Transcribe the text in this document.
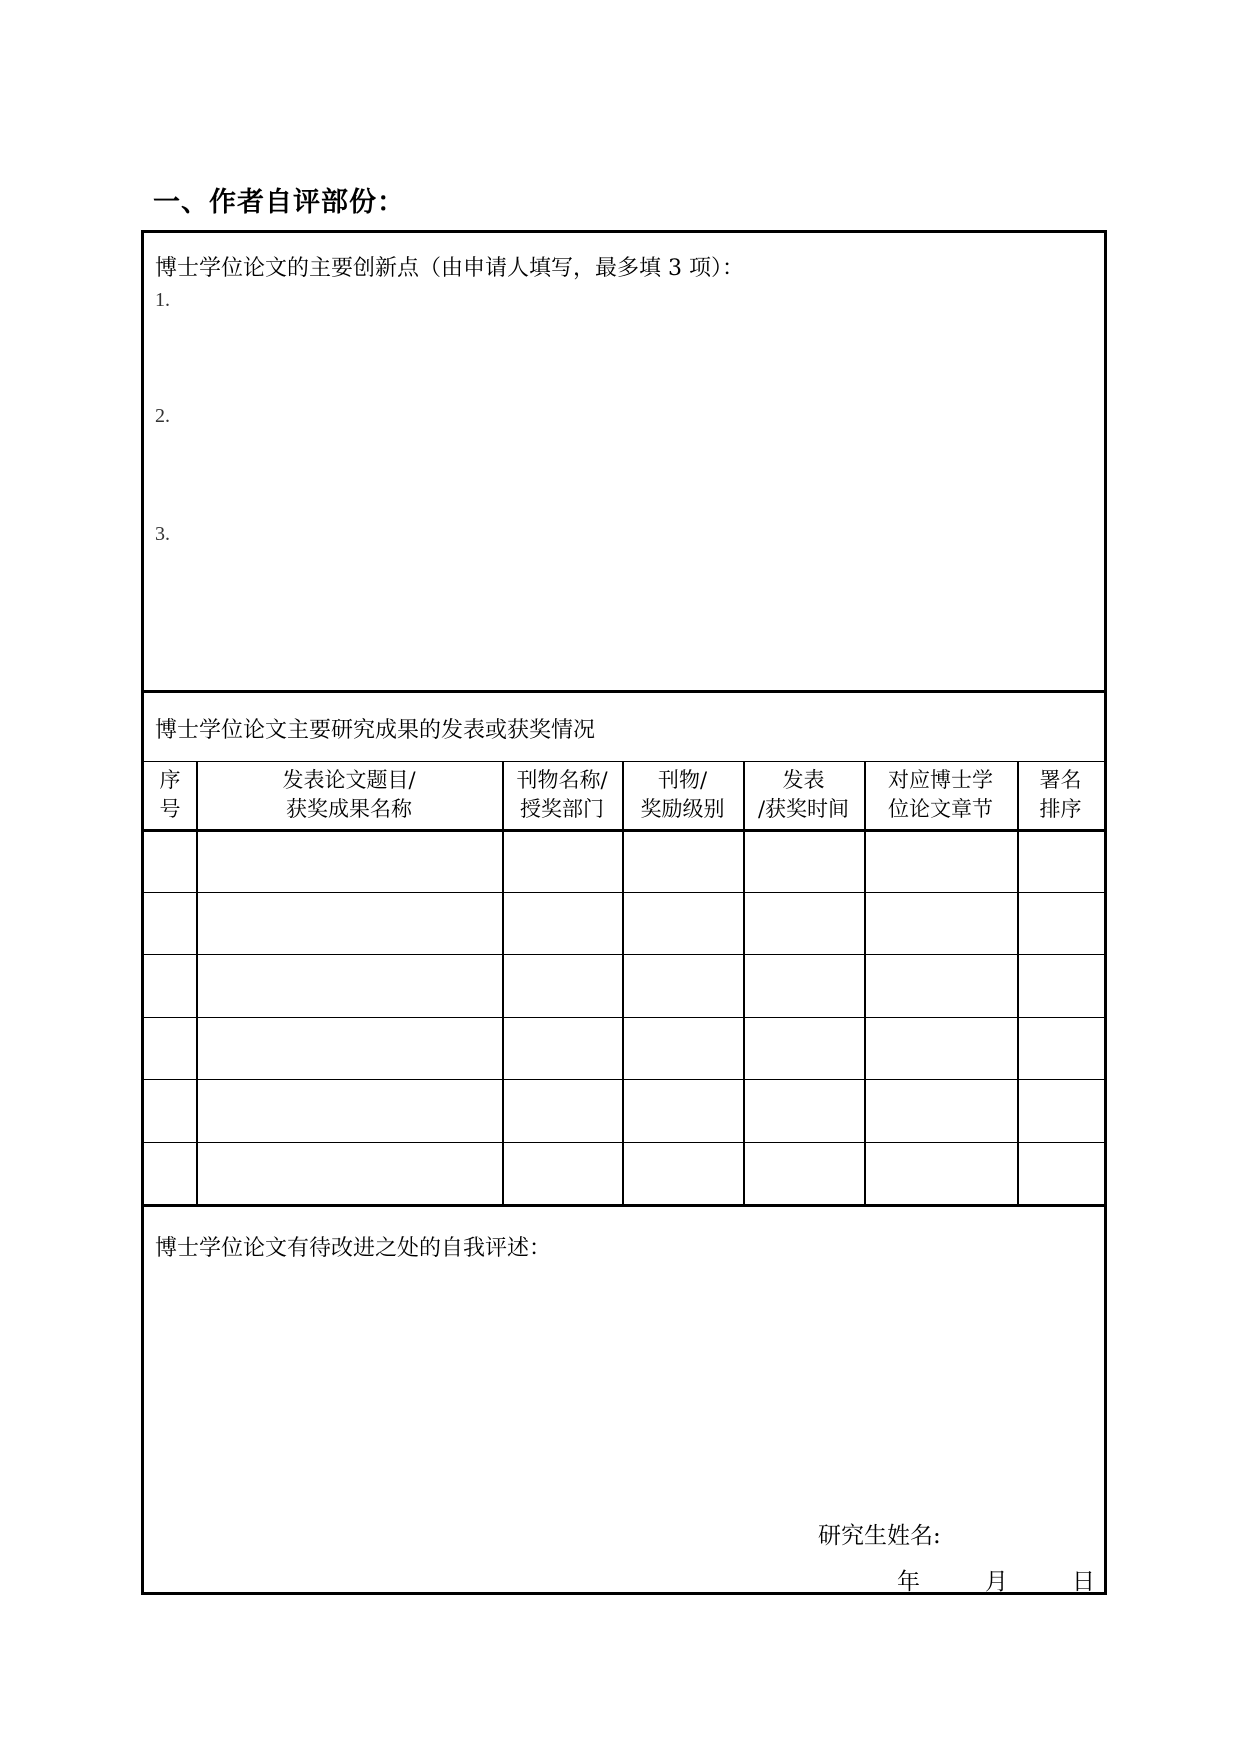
一、作者自评部份：
博士学位论文的主要创新点（由申请人填写，最多填 3 项）：
1.
2.
3.
博士学位论文主要研究成果的发表或获奖情况
序
号
发表论文题目/
获奖成果名称
刊物名称/
授奖部门
刊物/
奖励级别
发表
/获奖时间
对应博士学
位论文章节
署名
排序
博士学位论文有待改进之处的自我评述：
研究生姓名:
年	月	日
